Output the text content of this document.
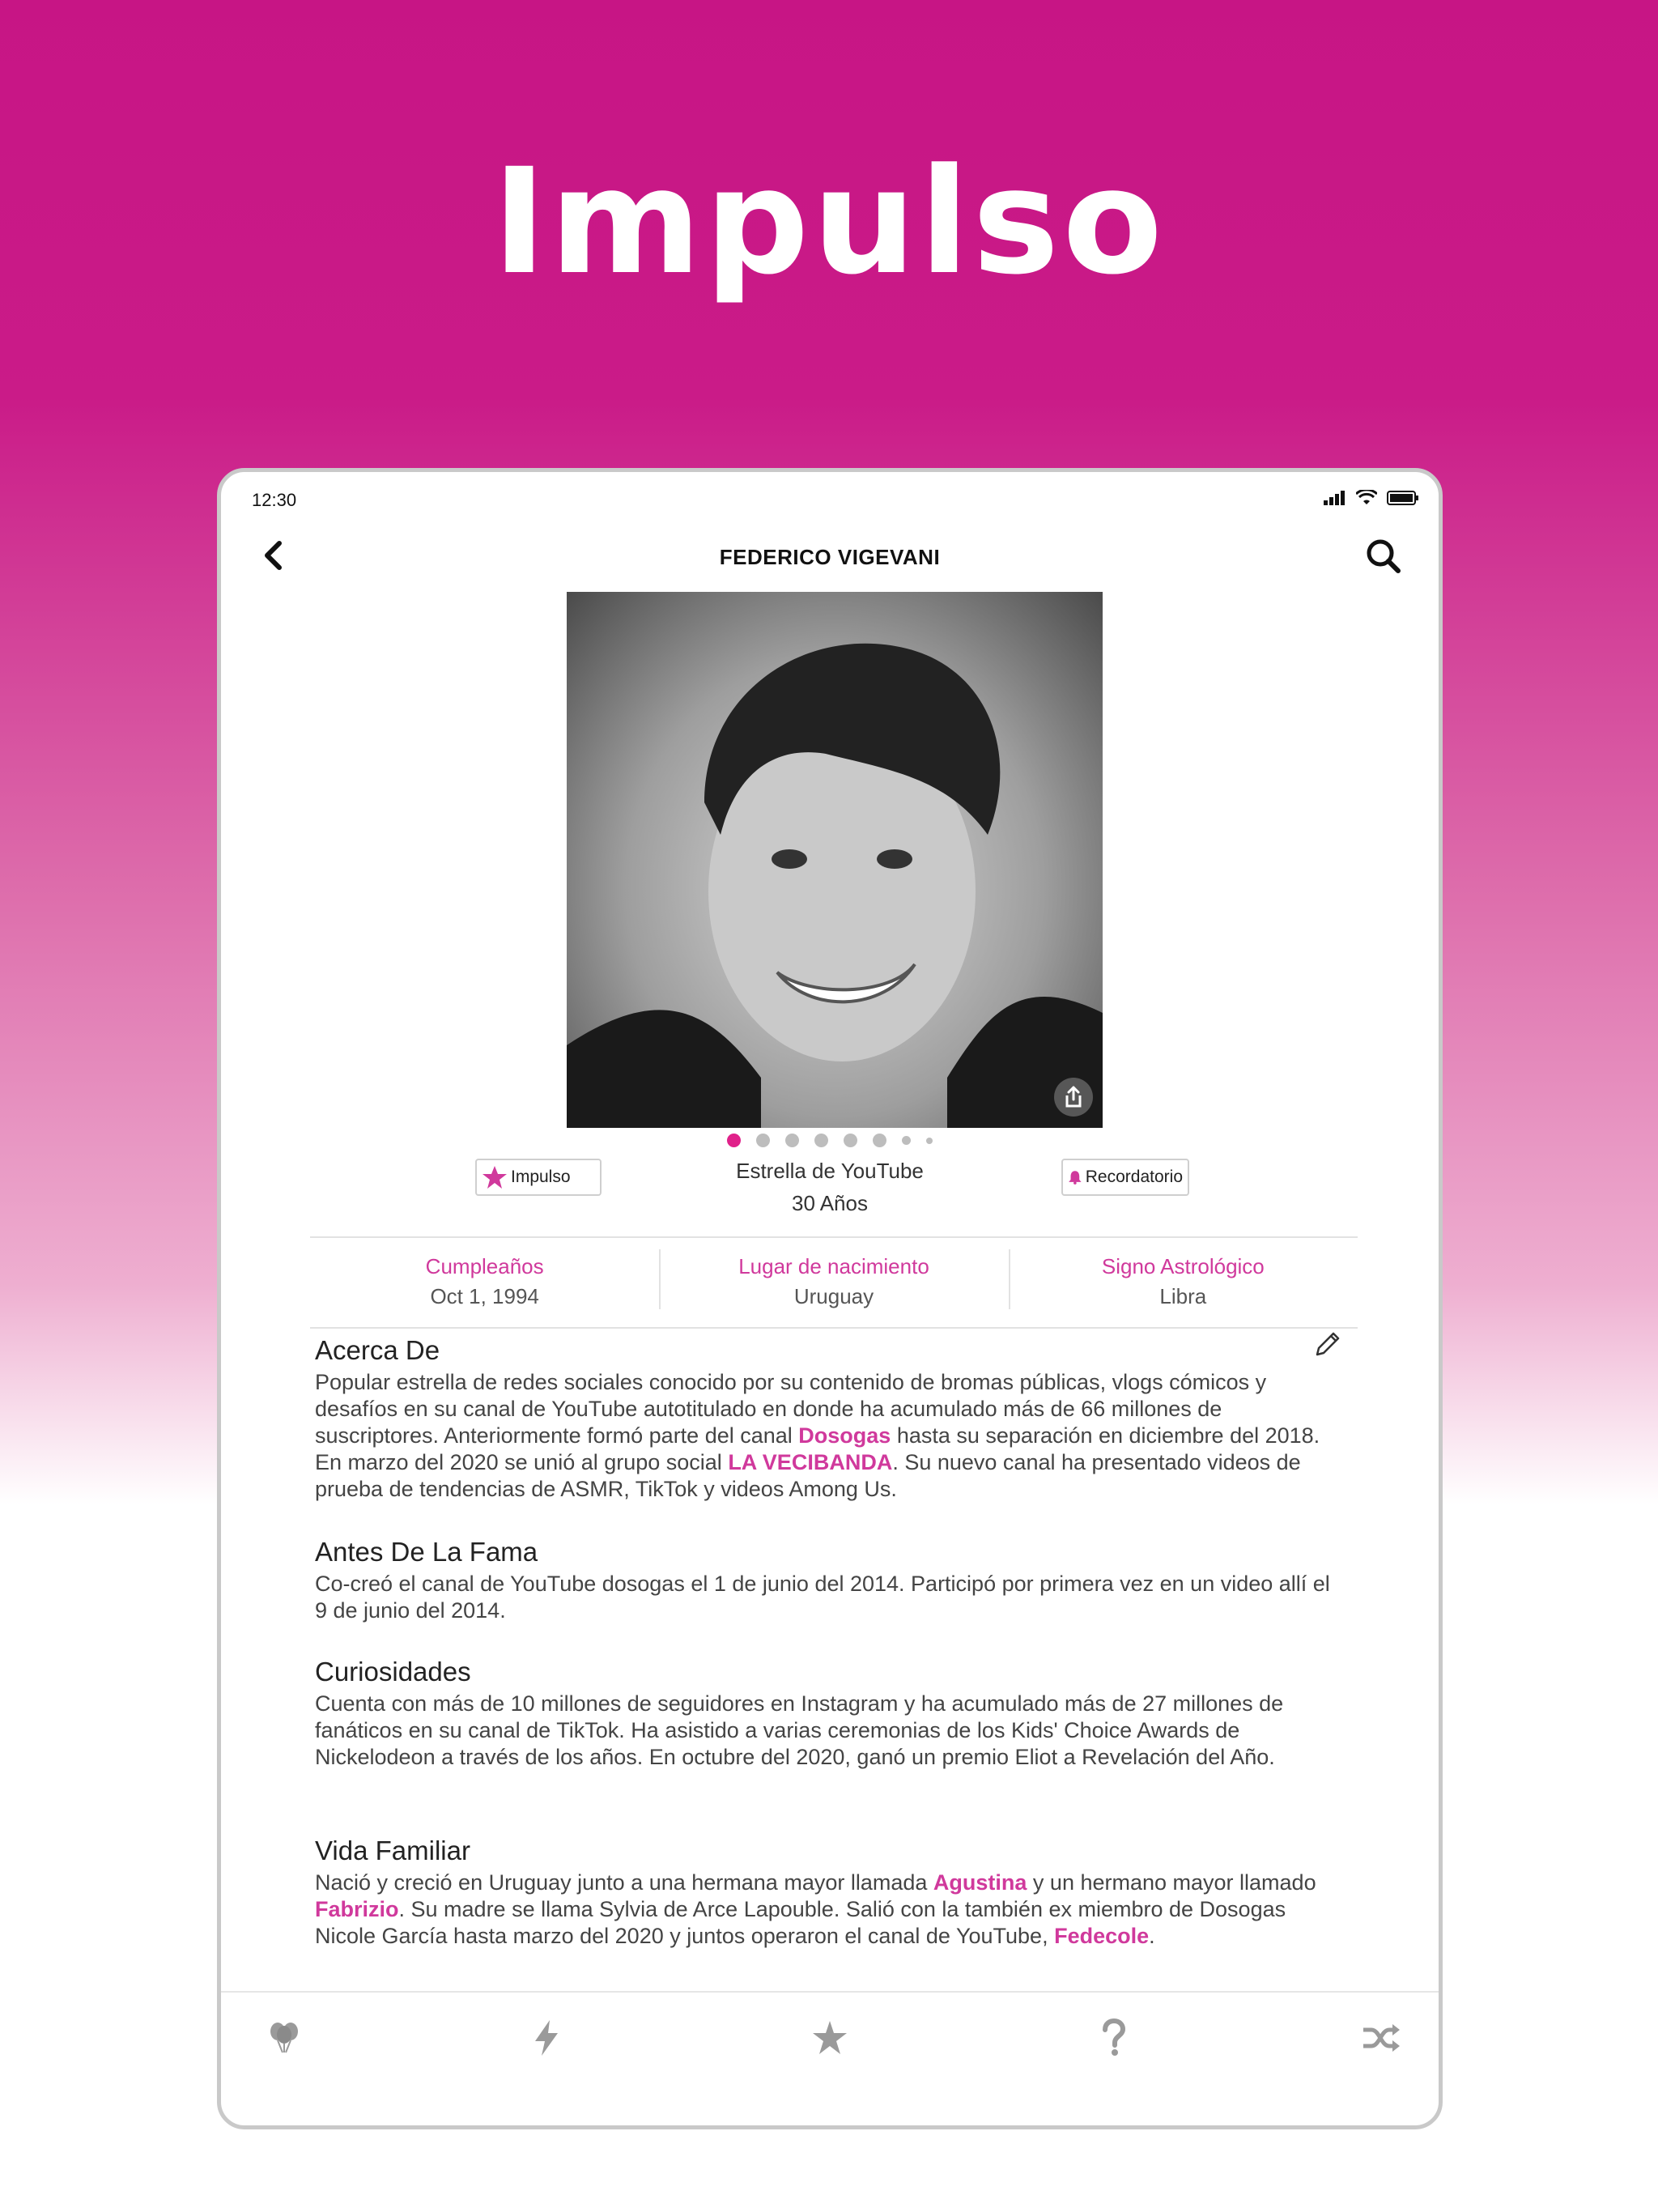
Impulso
12:30
FEDERICO VIGEVANI
Impulso	Estrella de YouTube
30 Años
Recordatorio
Cumpleaños
Oct 1, 1994
Lugar de nacimiento
Uruguay
Signo Astrológico
Libra
Acerca De

Popular estrella de redes sociales conocido por su contenido de bromas públicas, vlogs cómicos y desafíos en su canal de YouTube autotitulado en donde ha acumulado más de 66 millones de suscriptores. Anteriormente formó parte del canal Dosogas hasta su separación en diciembre del 2018. En marzo del 2020 se unió al grupo social LA VECIBANDA. Su nuevo canal ha presentado videos de prueba de tendencias de ASMR, TikTok y videos Among Us.

Antes De La Fama

Co-creó el canal de YouTube dosogas el 1 de junio del 2014. Participó por primera vez en un video allí el 9 de junio del 2014.

Curiosidades

Cuenta con más de 10 millones de seguidores en Instagram y ha acumulado más de 27 millones de fanáticos en su canal de TikTok. Ha asistido a varias ceremonias de los Kids' Choice Awards de Nickelodeon a través de los años. En octubre del 2020, ganó un premio Eliot a Revelación del Año.

Vida Familiar

Nació y creció en Uruguay junto a una hermana mayor llamada Agustina y un hermano mayor llamado Fabrizio. Su madre se llama Sylvia de Arce Lapouble. Salió con la también ex miembro de Dosogas Nicole García hasta marzo del 2020 y juntos operaron el canal de YouTube, Fedecole.
